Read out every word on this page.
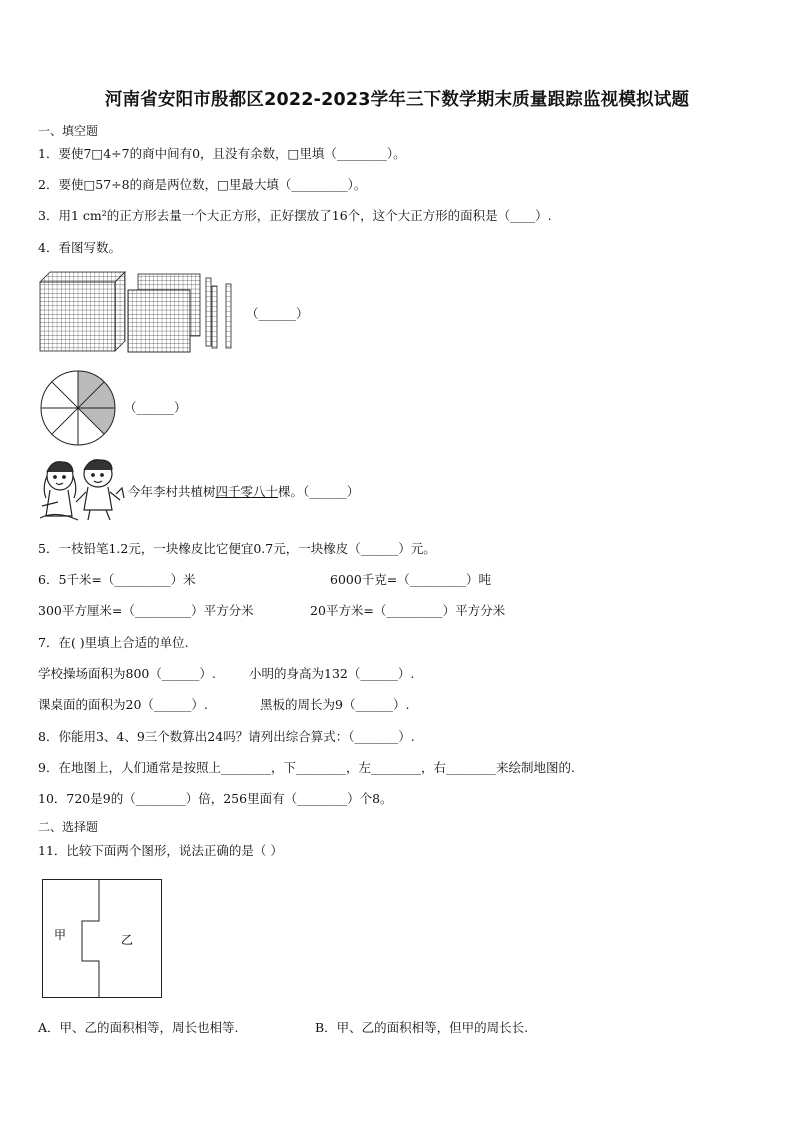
河南省安阳市殷都区2022-2023学年三下数学期末质量跟踪监视模拟试题
一、填空题
1．要使7□4÷7的商中间有0，且没有余数，□里填（________）。
2．要使□57÷8的商是两位数，□里最大填（_________）。
3．用1 cm²的正方形去量一个大正方形，正好摆放了16个，这个大正方形的面积是（____）.
4．看图写数。
（______）
（______）
今年李村共植树四千零八十棵。（______）
5．一枝铅笔1.2元，一块橡皮比它便宜0.7元，一块橡皮（______）元。
6．5千米=（_________）米	6000千克=（_________）吨
300平方厘米=（_________）平方分米	20平方米=（_________）平方分米
7．在( )里填上合适的单位.
学校操场面积为800（______）.	小明的身高为132（______）.
课桌面的面积为20（______）.	黑板的周长为9（______）.
8．你能用3、4、9三个数算出24吗？请列出综合算式：（_______）.
9．在地图上，人们通常是按照上________，下________，左________，右________来绘制地图的.
10．720是9的（________）倍，256里面有（________）个8。
二、选择题
11．比较下面两个图形，说法正确的是（ ）
甲	乙
A．甲、乙的面积相等，周长也相等.	B．甲、乙的面积相等，但甲的周长长.
